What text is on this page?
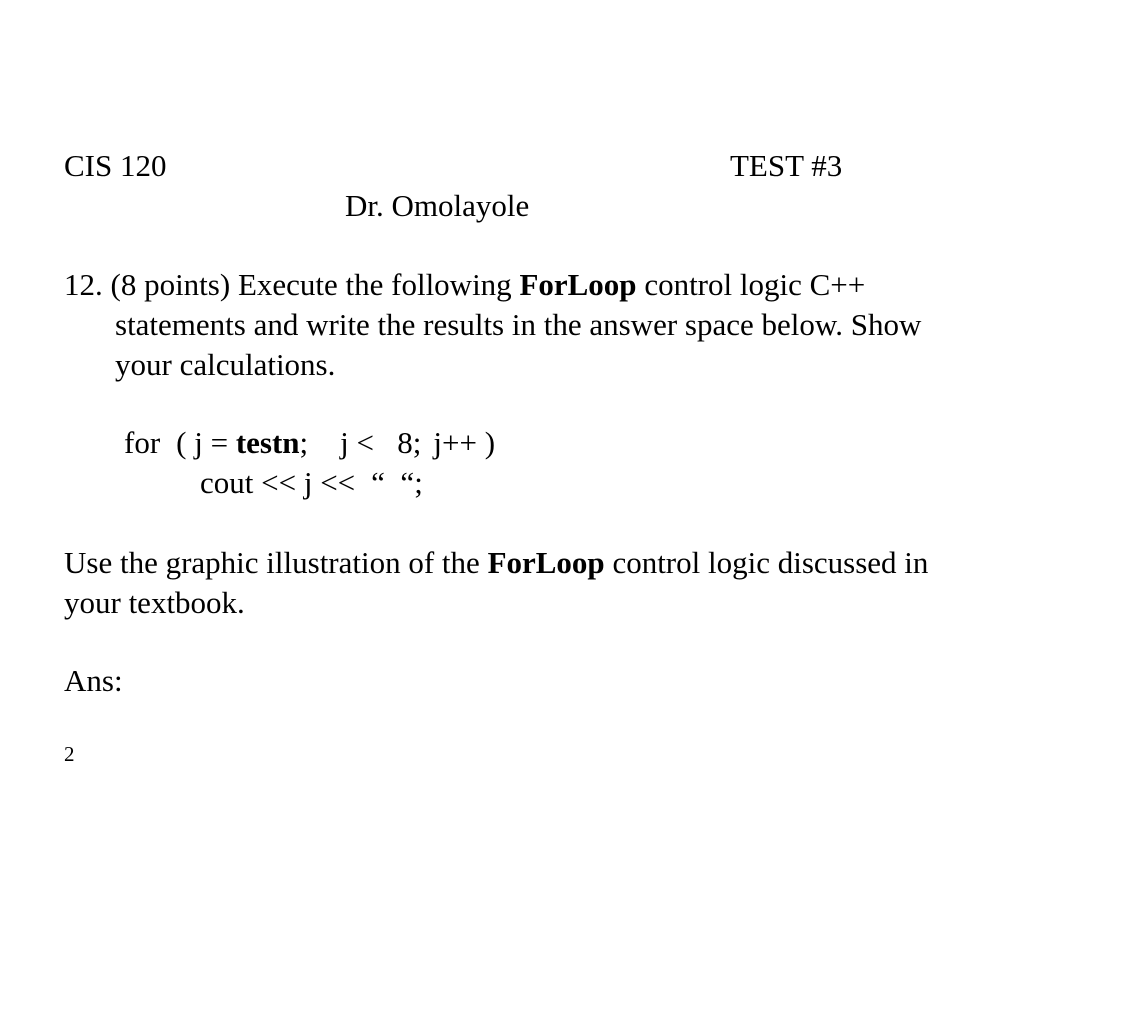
CIS 120	TEST #3
Dr. Omolayole
12. (8 points) Execute the following ForLoop control logic C++
statements and write the results in the answer space below. Show
your calculations.
for ( j = testn; j <   8; j++ )
cout << j << “  “;
Use the graphic illustration of the ForLoop control logic discussed in
your textbook.
Ans:
2
